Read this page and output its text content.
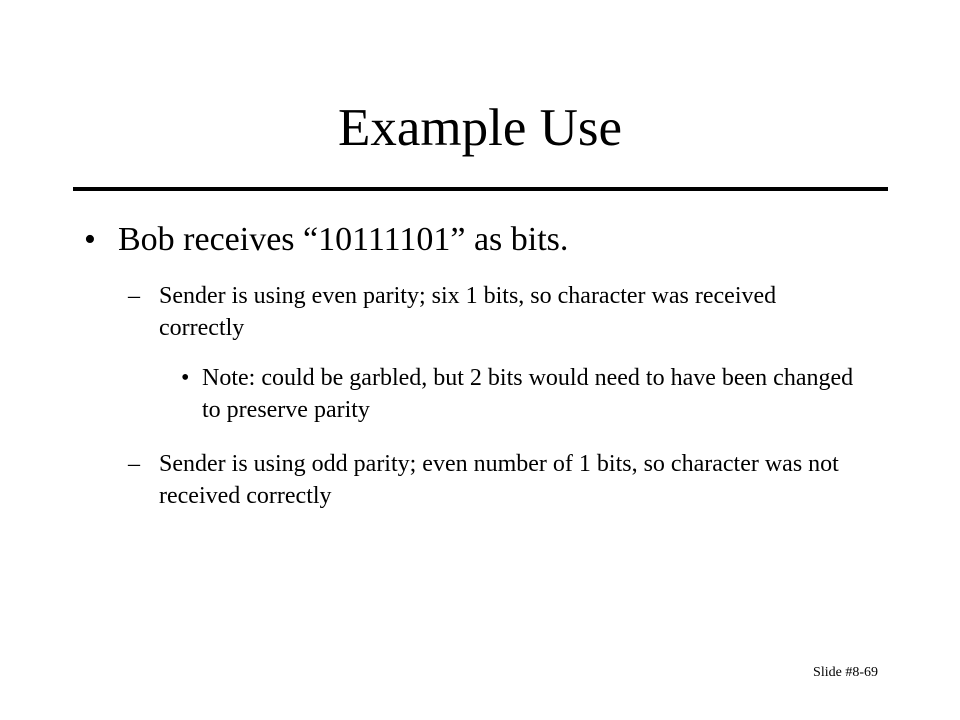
Example Use
• Bob receives “10111101” as bits.
– Sender is using even parity; six 1 bits, so character was received correctly
• Note: could be garbled, but 2 bits would need to have been changed to preserve parity
– Sender is using odd parity; even number of 1 bits, so character was not received correctly
Slide #8-69
